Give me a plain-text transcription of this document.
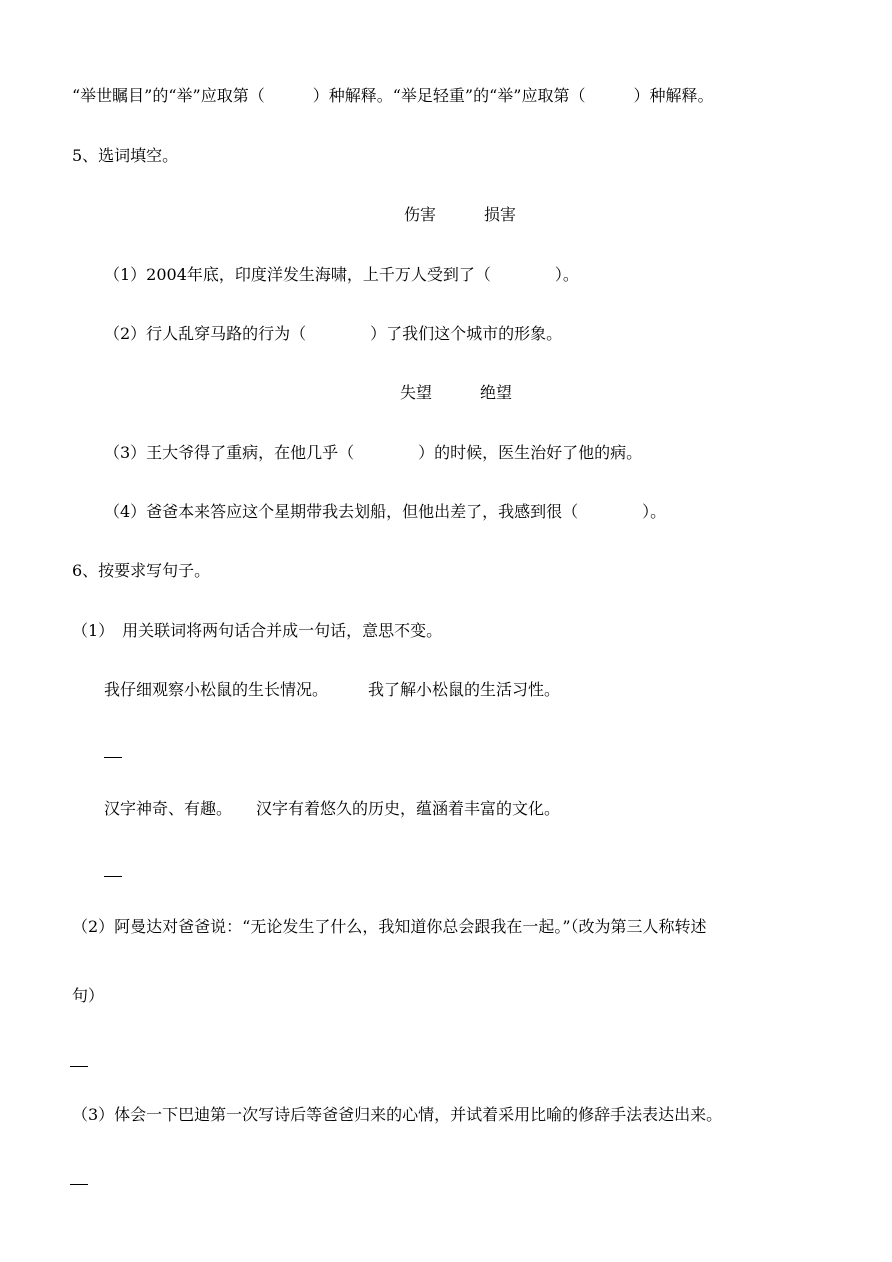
“举世瞩目”的“举”应取第（　　　）种解释。“举足轻重”的“举”应取第（　　　）种解释。
5、选词填空。
伤害　　　损害
（1）2004年底，印度洋发生海啸，上千万人受到了（　　　　）。
（2）行人乱穿马路的行为（　　　　）了我们这个城市的形象。
失望　　　绝望
（3）王大爷得了重病，在他几乎（　　　　）的时候，医生治好了他的病。
（4）爸爸本来答应这个星期带我去划船，但他出差了，我感到很（　　　　）。
6、按要求写句子。
（1）　用关联词将两句话合并成一句话，意思不变。
我仔细观察小松鼠的生长情况。　　　我了解小松鼠的生活习性。
汉字神奇、有趣。　　汉字有着悠久的历史，蕴涵着丰富的文化。
（2）阿曼达对爸爸说：“无论发生了什么，我知道你总会跟我在一起。”（改为第三人称转述
句）
（3）体会一下巴迪第一次写诗后等爸爸归来的心情，并试着采用比喻的修辞手法表达出来。
